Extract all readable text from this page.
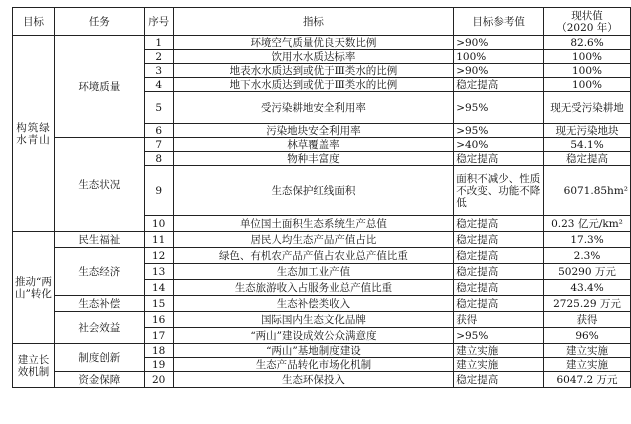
目标	任务	序号	指标	目标参考值	现状值
（2020 年）

构筑绿水青山	环境质量	1	环境空气质量优良天数比例	>90%	82.6%
		2	饮用水水质达标率	100%	100%
		3	地表水水质达到或优于Ⅲ类水的比例	>90%	100%
		4	地下水水质达到或优于Ⅲ类水的比例	稳定提高	100%
		5	受污染耕地安全利用率	>95%	现无受污染耕地
		6	污染地块安全利用率	>95%	现无污染地块
	生态状况	7	林草覆盖率	>40%	54.1%
		8	物种丰富度	稳定提高	稳定提高
		9	生态保护红线面积	面积不减少、性质不改变、功能不降低	6071.85hm²
		10	单位国土面积生态系统生产总值	稳定提高	0.23 亿元/km²
推动“两山”转化	民生福祉	11	居民人均生态产品产值占比	稳定提高	17.3%
	生态经济	12	绿色、有机农产品产值占农业总产值比重	稳定提高	2.3%
		13	生态加工业产值	稳定提高	50290 万元
		14	生态旅游收入占服务业总产值比重	稳定提高	43.4%
	生态补偿	15	生态补偿类收入	稳定提高	2725.29 万元
	社会效益	16	国际国内生态文化品牌	获得	获得
		17	“两山”建设成效公众满意度	>95%	96%
建立长效机制	制度创新	18	“两山”基地制度建设	建立实施	建立实施
		19	生态产品转化市场化机制	建立实施	建立实施
	资金保障	20	生态环保投入	稳定提高	6047.2 万元
